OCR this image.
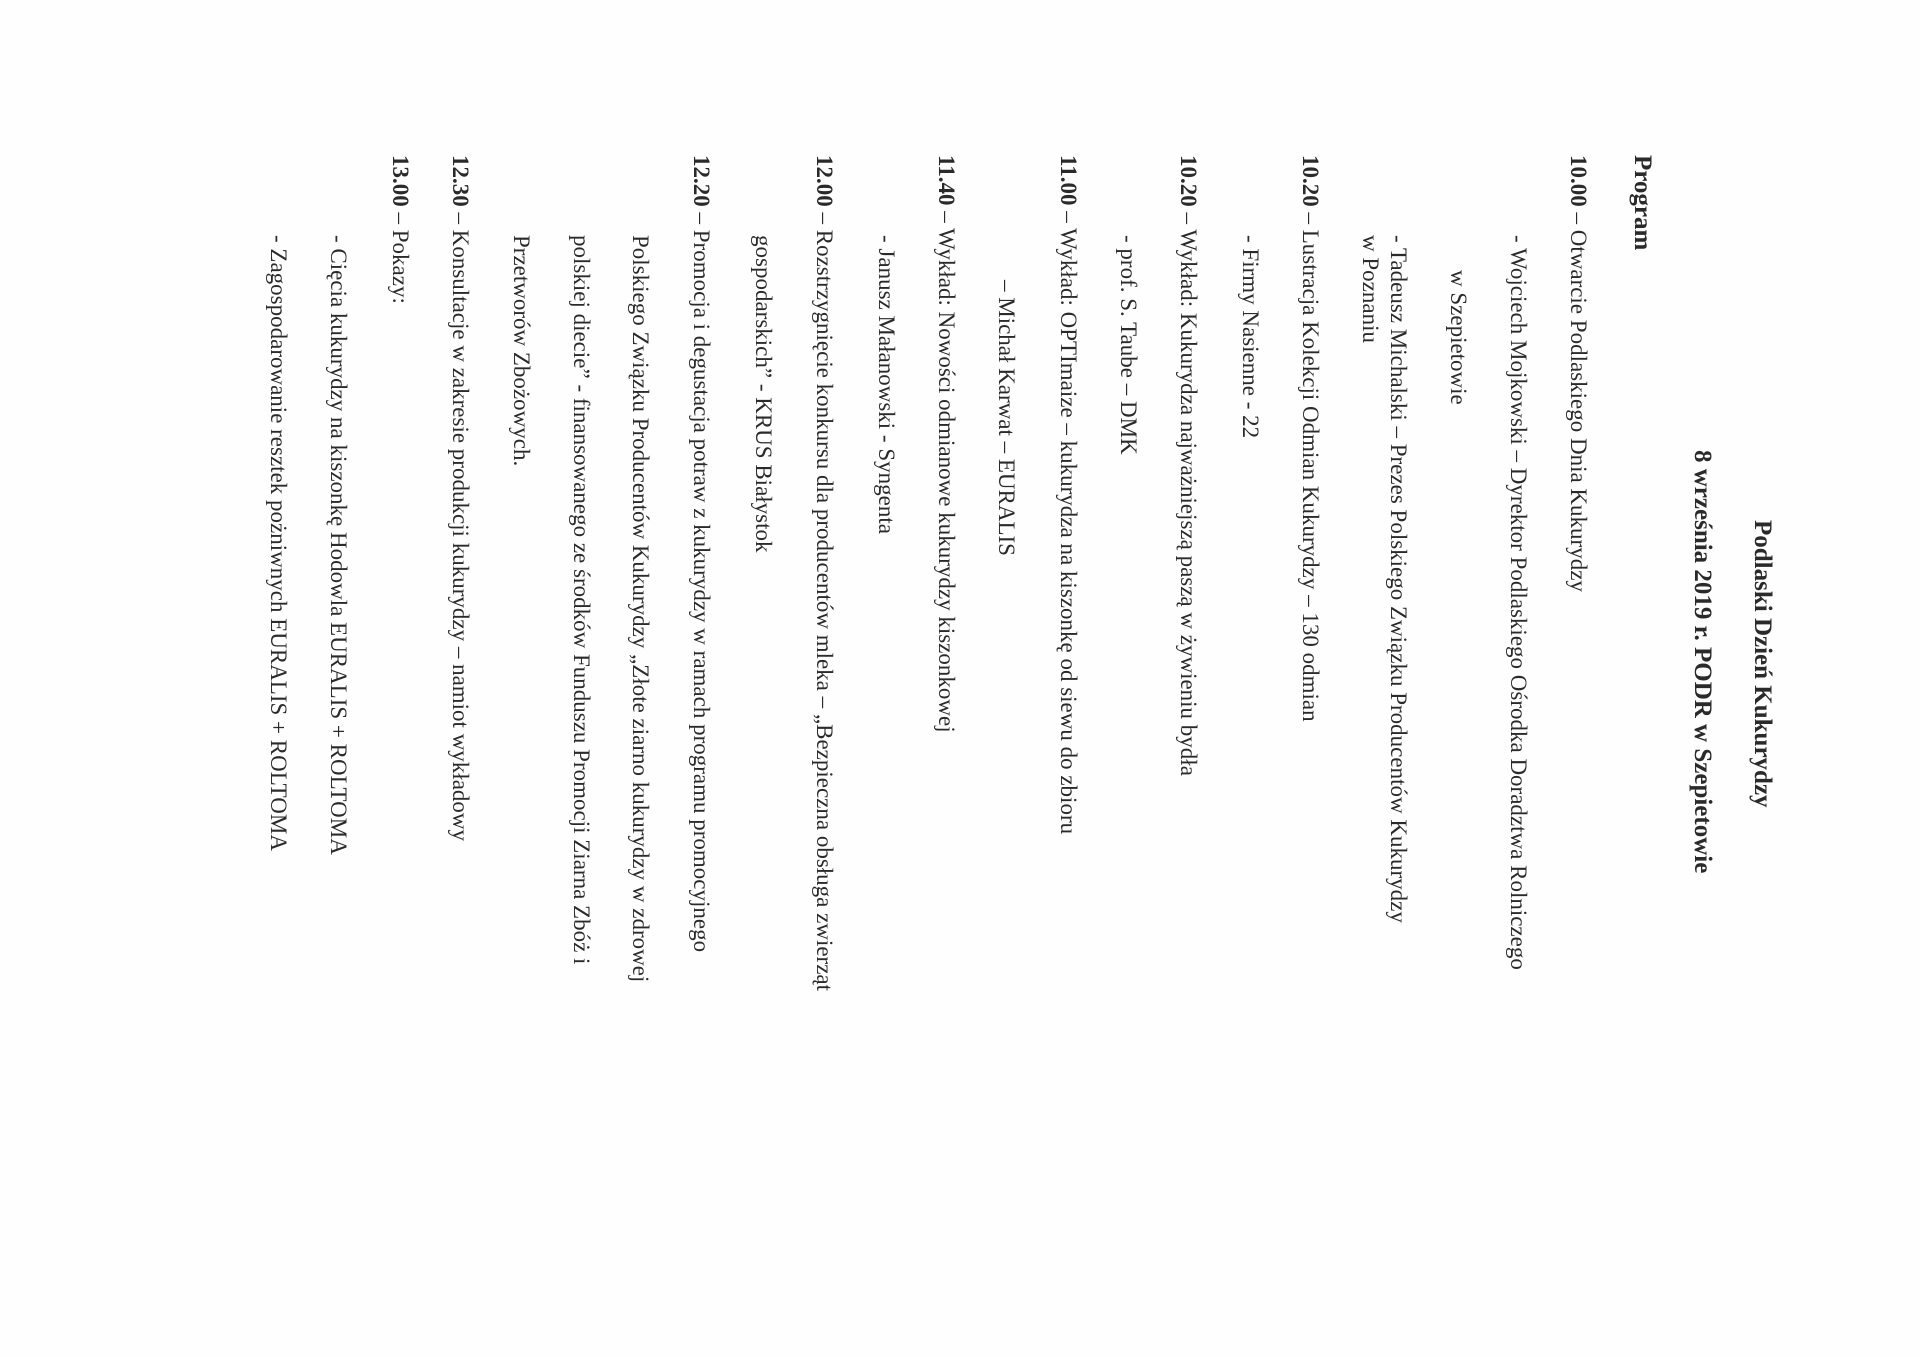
Podlaski Dzień Kukurydzy
8 września 2019 r. PODR w Szepietowie
Program
10.00 – Otwarcie Podlaskiego Dnia Kukurydzy
- Wojciech Mojkowski – Dyrektor Podlaskiego Ośrodka Doradztwa Rolniczego
w Szepietowie
- Tadeusz Michalski – Prezes Polskiego Związku Producentów Kukurydzy
w Poznaniu
10.20 – Lustracja Kolekcji Odmian Kukurydzy – 130 odmian
- Firmy Nasienne - 22
10.20 – Wykład: Kukurydza najważniejszą paszą w żywieniu bydła
- prof. S. Taube – DMK
11.00 – Wykład: OPTImaize – kukurydza na kiszonkę od siewu do zbioru
– Michał Karwat – EURALIS
11.40 – Wykład: Nowości odmianowe kukurydzy kiszonkowej
- Janusz Małanowski - Syngenta
12.00 – Rozstrzygnięcie konkursu dla producentów mleka – „Bezpieczna obsługa zwierząt
gospodarskich” - KRUS Białystok
12.20 – Promocja i degustacja potraw z kukurydzy w ramach programu promocyjnego
Polskiego Związku Producentów Kukurydzy „Złote ziarno kukurydzy w zdrowej
polskiej diecie” - finansowanego ze środków Funduszu Promocji Ziarna Zbóż i
Przetworów Zbożowych.
12.30 – Konsultacje w zakresie produkcji kukurydzy – namiot wykładowy
13.00 – Pokazy:
- Cięcia kukurydzy na kiszonkę Hodowla EURALIS + ROLTOMA
- Zagospodarowanie resztek pożniwnych EURALIS + ROLTOMA
